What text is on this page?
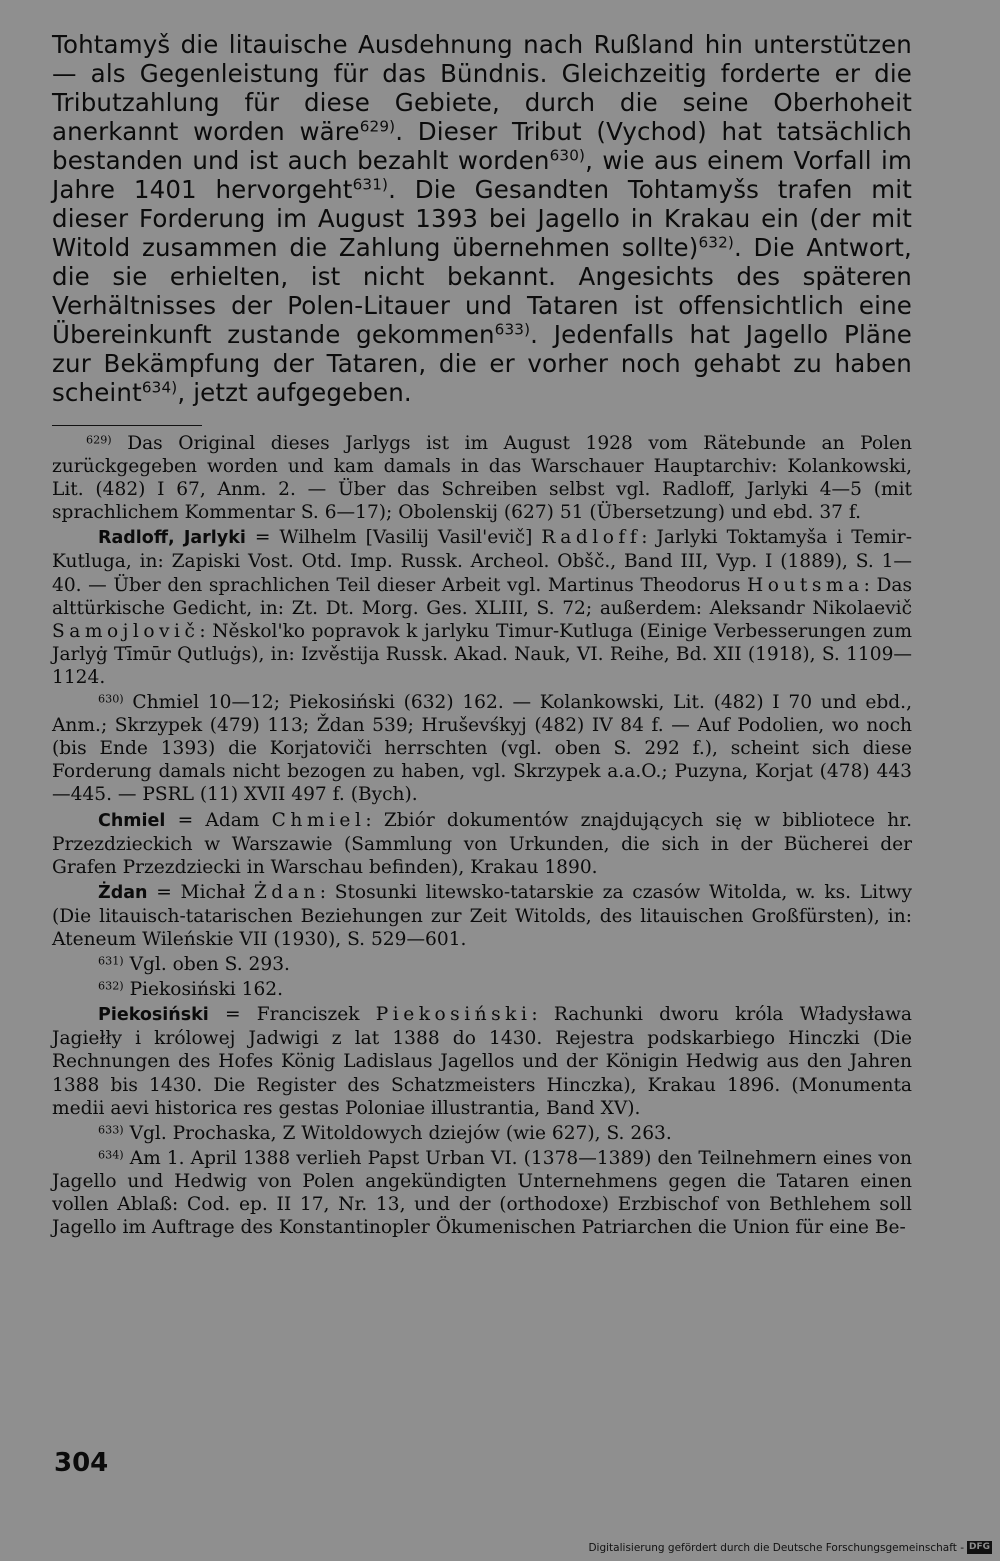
Tohtamyš die litauische Ausdehnung nach Rußland hin unterstützen — als Gegenleistung für das Bündnis. Gleichzeitig forderte er die Tributzahlung für diese Gebiete, durch die seine Oberhoheit anerkannt worden wäre$^{629)}$. Dieser Tribut (Vychod) hat tatsächlich bestanden und ist auch bezahlt worden$^{630)}$, wie aus einem Vorfall im Jahre 1401 hervorgeht$^{631)}$. Die Gesandten Tohtamyšs trafen mit dieser Forderung im August 1393 bei Jagello in Krakau ein (der mit Witold zusammen die Zahlung übernehmen sollte)$^{632)}$. Die Antwort, die sie erhielten, ist nicht bekannt. Angesichts des späteren Verhältnisses der Polen-Litauer und Tataren ist offensichtlich eine Übereinkunft zustande gekommen$^{633)}$. Jedenfalls hat Jagello Pläne zur Bekämpfung der Tataren, die er vorher noch gehabt zu haben scheint$^{634)}$, jetzt aufgegeben.

$^{629)}$ Das Original dieses Jarlygs ist im August 1928 vom Rätebunde an Polen zurückgegeben worden und kam damals in das Warschauer Hauptarchiv: Kolankowski, Lit. (482) I 67, Anm. 2. — Über das Schreiben selbst vgl. Radloff, Jarlyki 4—5 (mit sprachlichem Kommentar S. 6—17); Obolenskij (627) 51 (Übersetzung) und ebd. 37 f.

Radloff, Jarlyki = Wilhelm [Vasilij Vasil'evič] Radloff: Jarlyki Toktamyša i Temir-Kutluga, in: Zapiski Vost. Otd. Imp. Russk. Archeol. Obšč., Band III, Vyp. I (1889), S. 1—40. — Über den sprachlichen Teil dieser Arbeit vgl. Martinus Theodorus Houtsma: Das alttürkische Gedicht, in: Zt. Dt. Morg. Ges. XLIII, S. 72; außerdem: Aleksandr Nikolaevič Samojlovič: Něskol'ko popravok k jarlyku Timur-Kutluga (Einige Verbesserungen zum Jarlyġ Tīmūr Qutluġs), in: Izvěstija Russk. Akad. Nauk, VI. Reihe, Bd. XII (1918), S. 1109—1124.

$^{630)}$ Chmiel 10—12; Piekosiński (632) 162. — Kolankowski, Lit. (482) I 70 und ebd., Anm.; Skrzypek (479) 113; Ždan 539; Hruševśkyj (482) IV 84 f. — Auf Podolien, wo noch (bis Ende 1393) die Korjatoviči herrschten (vgl. oben S. 292 f.), scheint sich diese Forderung damals nicht bezogen zu haben, vgl. Skrzypek a.a.O.; Puzyna, Korjat (478) 443—445. — PSRL (11) XVII 497 f. (Bych).

Chmiel = Adam Chmiel: Zbiór dokumentów znajdujących się w bibliotece hr. Przezdzieckich w Warszawie (Sammlung von Urkunden, die sich in der Bücherei der Grafen Przezdziecki in Warschau befinden), Krakau 1890.

Żdan = Michał Żdan: Stosunki litewsko-tatarskie za czasów Witolda, w. ks. Litwy (Die litauisch-tatarischen Beziehungen zur Zeit Witolds, des litauischen Großfürsten), in: Ateneum Wileńskie VII (1930), S. 529—601.

$^{631)}$ Vgl. oben S. 293.

$^{632)}$ Piekosiński 162.

Piekosiński = Franciszek Piekosiński: Rachunki dworu króla Władysława Jagiełły i królowej Jadwigi z lat 1388 do 1430. Rejestra podskarbiego Hinczki (Die Rechnungen des Hofes König Ladislaus Jagellos und der Königin Hedwig aus den Jahren 1388 bis 1430. Die Register des Schatzmeisters Hinczka), Krakau 1896. (Monumenta medii aevi historica res gestas Poloniae illustrantia, Band XV).

$^{633)}$ Vgl. Prochaska, Z Witoldowych dziejów (wie 627), S. 263.

$^{634)}$ Am 1. April 1388 verlieh Papst Urban VI. (1378—1389) den Teilnehmern eines von Jagello und Hedwig von Polen angekündigten Unternehmens gegen die Tataren einen vollen Ablaß: Cod. ep. II 17, Nr. 13, und der (orthodoxe) Erzbischof von Bethlehem soll Jagello im Auftrage des Konstantinopler Ökumenischen Patriarchen die Union für eine Be-

304

Digitalisierung gefördert durch die Deutsche Forschungsgemeinschaft - DFG
